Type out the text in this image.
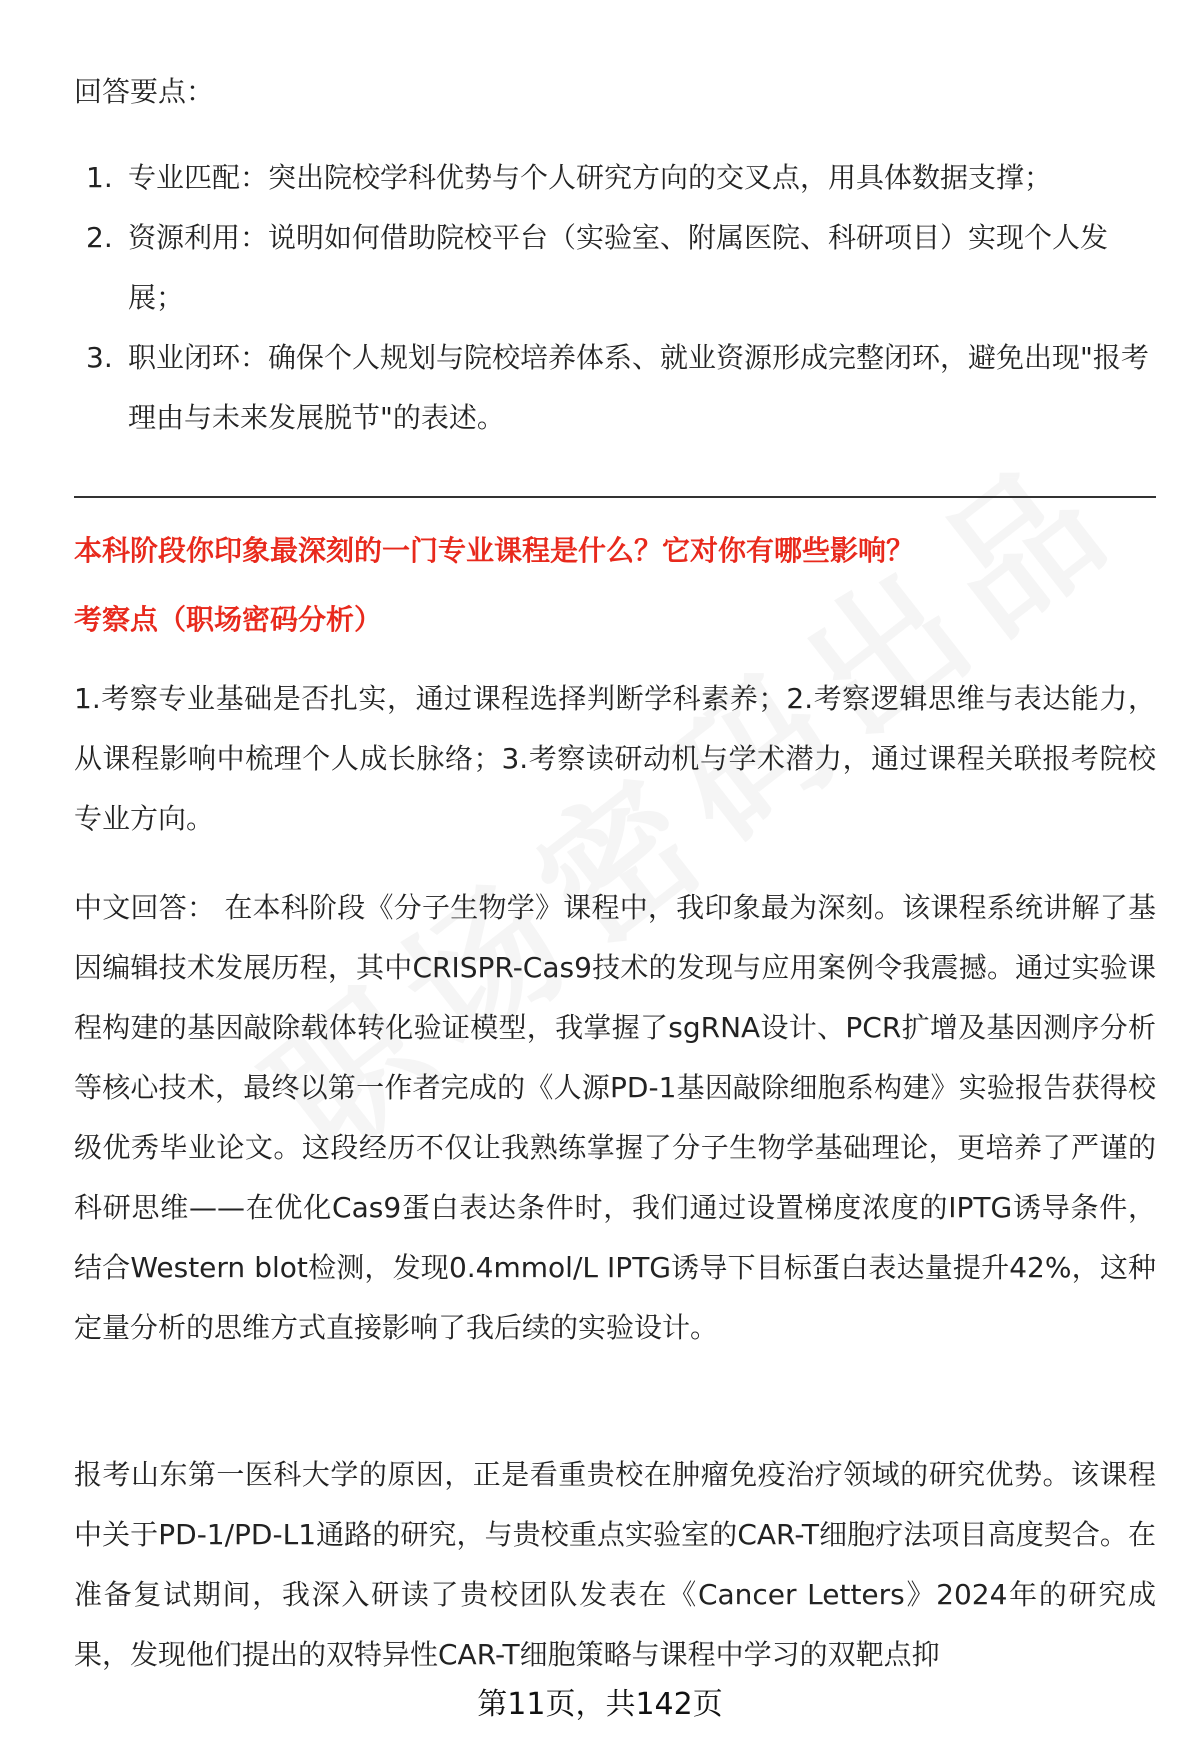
回答要点：

1. 专业匹配：突出院校学科优势与个人研究方向的交叉点，用具体数据支撑；
2. 资源利用：说明如何借助院校平台（实验室、附属医院、科研项目）实现个人发展；
3. 职业闭环：确保个人规划与院校培养体系、就业资源形成完整闭环，避免出现"报考理由与未来发展脱节"的表述。

本科阶段你印象最深刻的一门专业课程是什么？它对你有哪些影响？

考察点（职场密码分析）

1.考察专业基础是否扎实，通过课程选择判断学科素养；2.考察逻辑思维与表达能力，从课程影响中梳理个人成长脉络；3.考察读研动机与学术潜力，通过课程关联报考院校专业方向。

中文回答： 在本科阶段《分子生物学》课程中，我印象最为深刻。该课程系统讲解了基因编辑技术发展历程，其中CRISPR-Cas9技术的发现与应用案例令我震撼。通过实验课程构建的基因敲除载体转化验证模型，我掌握了sgRNA设计、PCR扩增及基因测序分析等核心技术，最终以第一作者完成的《人源PD-1基因敲除细胞系构建》实验报告获得校级优秀毕业论文。这段经历不仅让我熟练掌握了分子生物学基础理论，更培养了严谨的科研思维——在优化Cas9蛋白表达条件时，我们通过设置梯度浓度的IPTG诱导条件，结合Western blot检测，发现0.4mmol/L IPTG诱导下目标蛋白表达量提升42%，这种定量分析的思维方式直接影响了我后续的实验设计。

报考山东第一医科大学的原因，正是看重贵校在肿瘤免疫治疗领域的研究优势。该课程中关于PD-1/PD-L1通路的研究，与贵校重点实验室的CAR-T细胞疗法项目高度契合。在准备复试期间，我深入研读了贵校团队发表在《Cancer Letters》2024年的研究成果，发现他们提出的双特异性CAR-T细胞策略与课程中学习的双靶点抑

第11页，共142页
